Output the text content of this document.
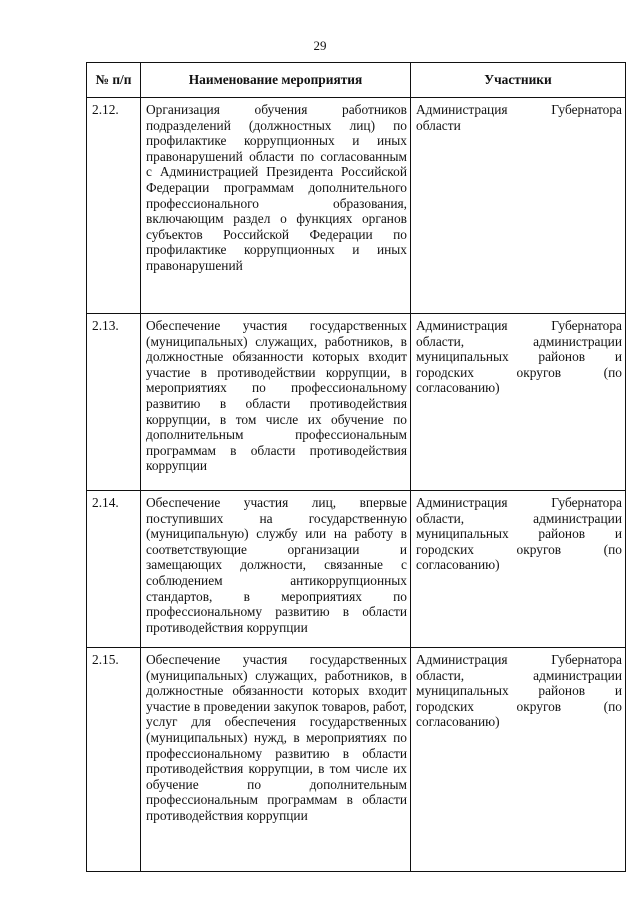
29
№ п/п	Наименование мероприятия	Участники
2.12.	Организация обучения работников подразделений (должностных лиц) по профилактике коррупционных и иных правонарушений области по согласованным с Администрацией Президента Российской Федерации программам дополнительного профессионального образования, включающим раздел о функциях органов субъектов Российской Федерации по профилактике коррупционных и иных правонарушений	Администрация Губернатора области
2.13.	Обеспечение участия государственных (муниципальных) служащих, работников, в должностные обязанности которых входит участие в противодействии коррупции, в мероприятиях по профессиональному развитию в области противодействия коррупции, в том числе их обучение по дополнительным профессиональным программам в области противодействия коррупции	Администрация Губернатора области, администрации муниципальных районов и городских округов (по согласованию)
2.14.	Обеспечение участия лиц, впервые поступивших на государственную (муниципальную) службу или на работу в соответствующие организации и замещающих должности, связанные с соблюдением антикоррупционных стандартов, в мероприятиях по профессиональному развитию в области противодействия коррупции	Администрация Губернатора области, администрации муниципальных районов и городских округов (по согласованию)
2.15.	Обеспечение участия государственных (муниципальных) служащих, работников, в должностные обязанности которых входит участие в проведении закупок товаров, работ, услуг для обеспечения государственных (муниципальных) нужд, в мероприятиях по профессиональному развитию в области противодействия коррупции, в том числе их обучение по дополнительным профессиональным программам в области противодействия коррупции	Администрация Губернатора области, администрации муниципальных районов и городских округов (по согласованию)
